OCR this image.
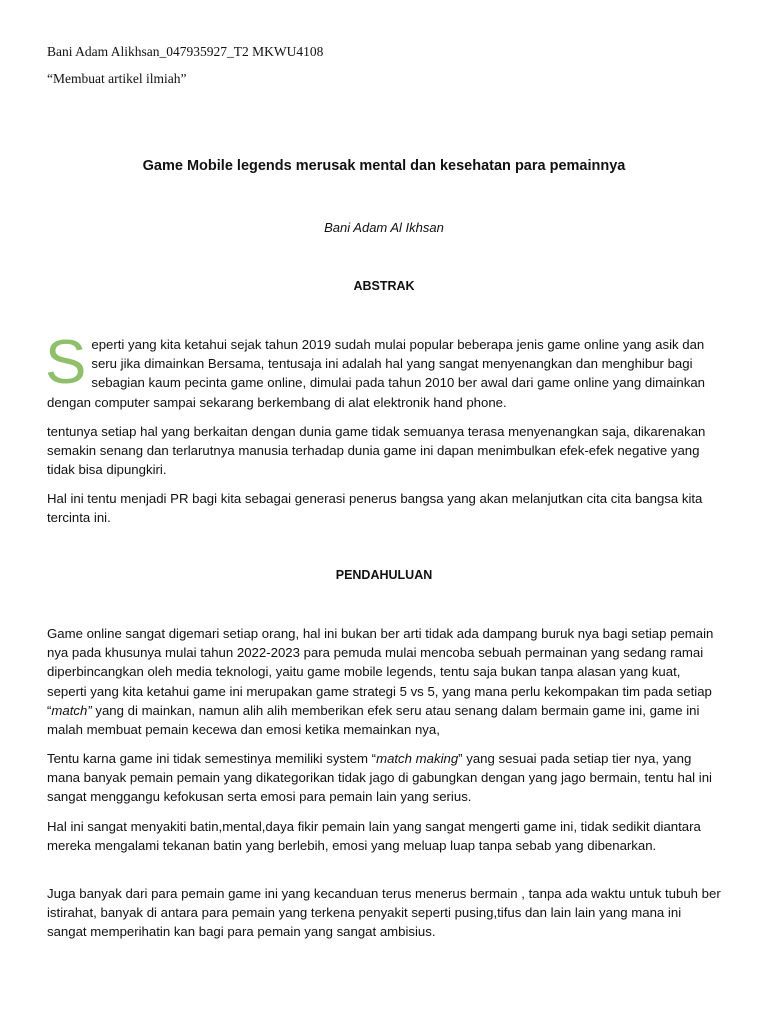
Bani Adam Alikhsan_047935927_T2 MKWU4108
“Membuat artikel ilmiah”
Game Mobile legends merusak mental dan kesehatan para pemainnya
Bani Adam Al Ikhsan
ABSTRAK

Seperti yang kita ketahui sejak tahun 2019 sudah mulai popular beberapa jenis game online yang asik dan seru jika dimainkan Bersama, tentusaja ini adalah hal yang sangat menyenangkan dan menghibur bagi sebagian kaum pecinta game online, dimulai pada tahun 2010 ber awal dari game online yang dimainkan dengan computer sampai sekarang berkembang di alat elektronik hand phone.

tentunya setiap hal yang berkaitan dengan dunia game tidak semuanya terasa menyenangkan saja, dikarenakan semakin senang dan terlarutnya manusia terhadap dunia game ini dapan menimbulkan efek-efek negative yang tidak bisa dipungkiri.

Hal ini tentu menjadi PR bagi kita sebagai generasi penerus bangsa yang akan melanjutkan cita cita bangsa kita tercinta ini.

PENDAHULUAN

Game online sangat digemari setiap orang, hal ini bukan ber arti tidak ada dampang buruk nya bagi setiap pemain nya pada khusunya mulai tahun 2022-2023 para pemuda mulai mencoba sebuah permainan yang sedang ramai diperbincangkan oleh media teknologi, yaitu game mobile legends, tentu saja bukan tanpa alasan yang kuat, seperti yang kita ketahui game ini merupakan game strategi 5 vs 5, yang mana perlu kekompakan tim pada setiap “match” yang di mainkan, namun alih alih memberikan efek seru atau senang dalam bermain game ini, game ini malah membuat pemain kecewa dan emosi ketika memainkan nya,

Tentu karna game ini tidak semestinya memiliki system “match making” yang sesuai pada setiap tier nya, yang mana banyak pemain pemain yang dikategorikan tidak jago di gabungkan dengan yang jago bermain, tentu hal ini sangat menggangu kefokusan serta emosi para pemain lain yang serius.

Hal ini sangat menyakiti batin,mental,daya fikir pemain lain yang sangat mengerti game ini, tidak sedikit diantara mereka mengalami tekanan batin yang berlebih, emosi yang meluap luap tanpa sebab yang dibenarkan.

Juga banyak dari para pemain game ini yang kecanduan terus menerus bermain , tanpa ada waktu untuk tubuh ber istirahat, banyak di antara para pemain yang terkena penyakit seperti pusing,tifus dan lain lain yang mana ini sangat memperihatin kan bagi para pemain yang sangat ambisius.
